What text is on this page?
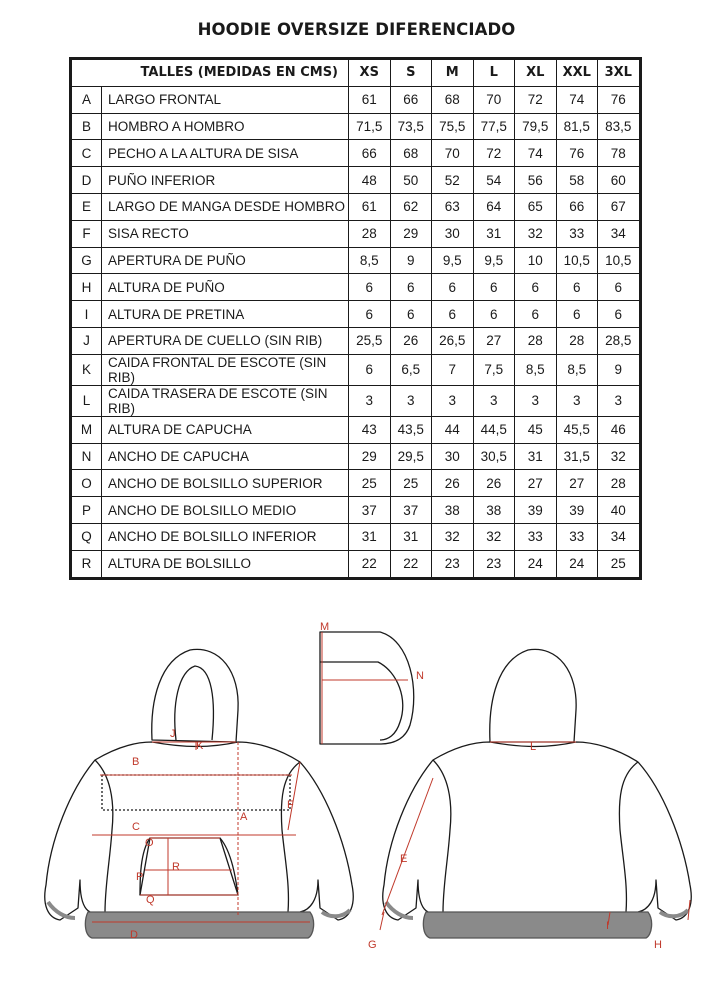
HOODIE OVERSIZE DIFERENCIADO
TALLES (MEDIDAS EN CMS)		XS	S	M	L	XL	XXL	3XL
A	LARGO FRONTAL	61	66	68	70	72	74	76
B	HOMBRO A HOMBRO	71,5	73,5	75,5	77,5	79,5	81,5	83,5
C	PECHO A LA ALTURA DE SISA	66	68	70	72	74	76	78
D	PUÑO INFERIOR	48	50	52	54	56	58	60
E	LARGO DE MANGA DESDE HOMBRO	61	62	63	64	65	66	67
F	SISA RECTO	28	29	30	31	32	33	34
G	APERTURA DE PUÑO	8,5	9	9,5	9,5	10	10,5	10,5
H	ALTURA DE PUÑO	6	6	6	6	6	6	6
I	ALTURA DE PRETINA	6	6	6	6	6	6	6
J	APERTURA DE CUELLO (SIN RIB)	25,5	26	26,5	27	28	28	28,5
K	CAIDA FRONTAL DE ESCOTE (SIN RIB)	6	6,5	7	7,5	8,5	8,5	9
L	CAIDA TRASERA DE ESCOTE (SIN RIB)	3	3	3	3	3	3	3
M	ALTURA DE CAPUCHA	43	43,5	44	44,5	45	45,5	46
N	ANCHO DE CAPUCHA	29	29,5	30	30,5	31	31,5	32
O	ANCHO DE BOLSILLO SUPERIOR	25	25	26	26	27	27	28
P	ANCHO DE BOLSILLO MEDIO	37	37	38	38	39	39	40
Q	ANCHO DE BOLSILLO INFERIOR	31	31	32	32	33	33	34
R	ALTURA DE BOLSILLO	22	22	23	23	24	24	25
A
B
C
D
F
J
K
O
P
Q
R
M
N
E
G	H
I
L
